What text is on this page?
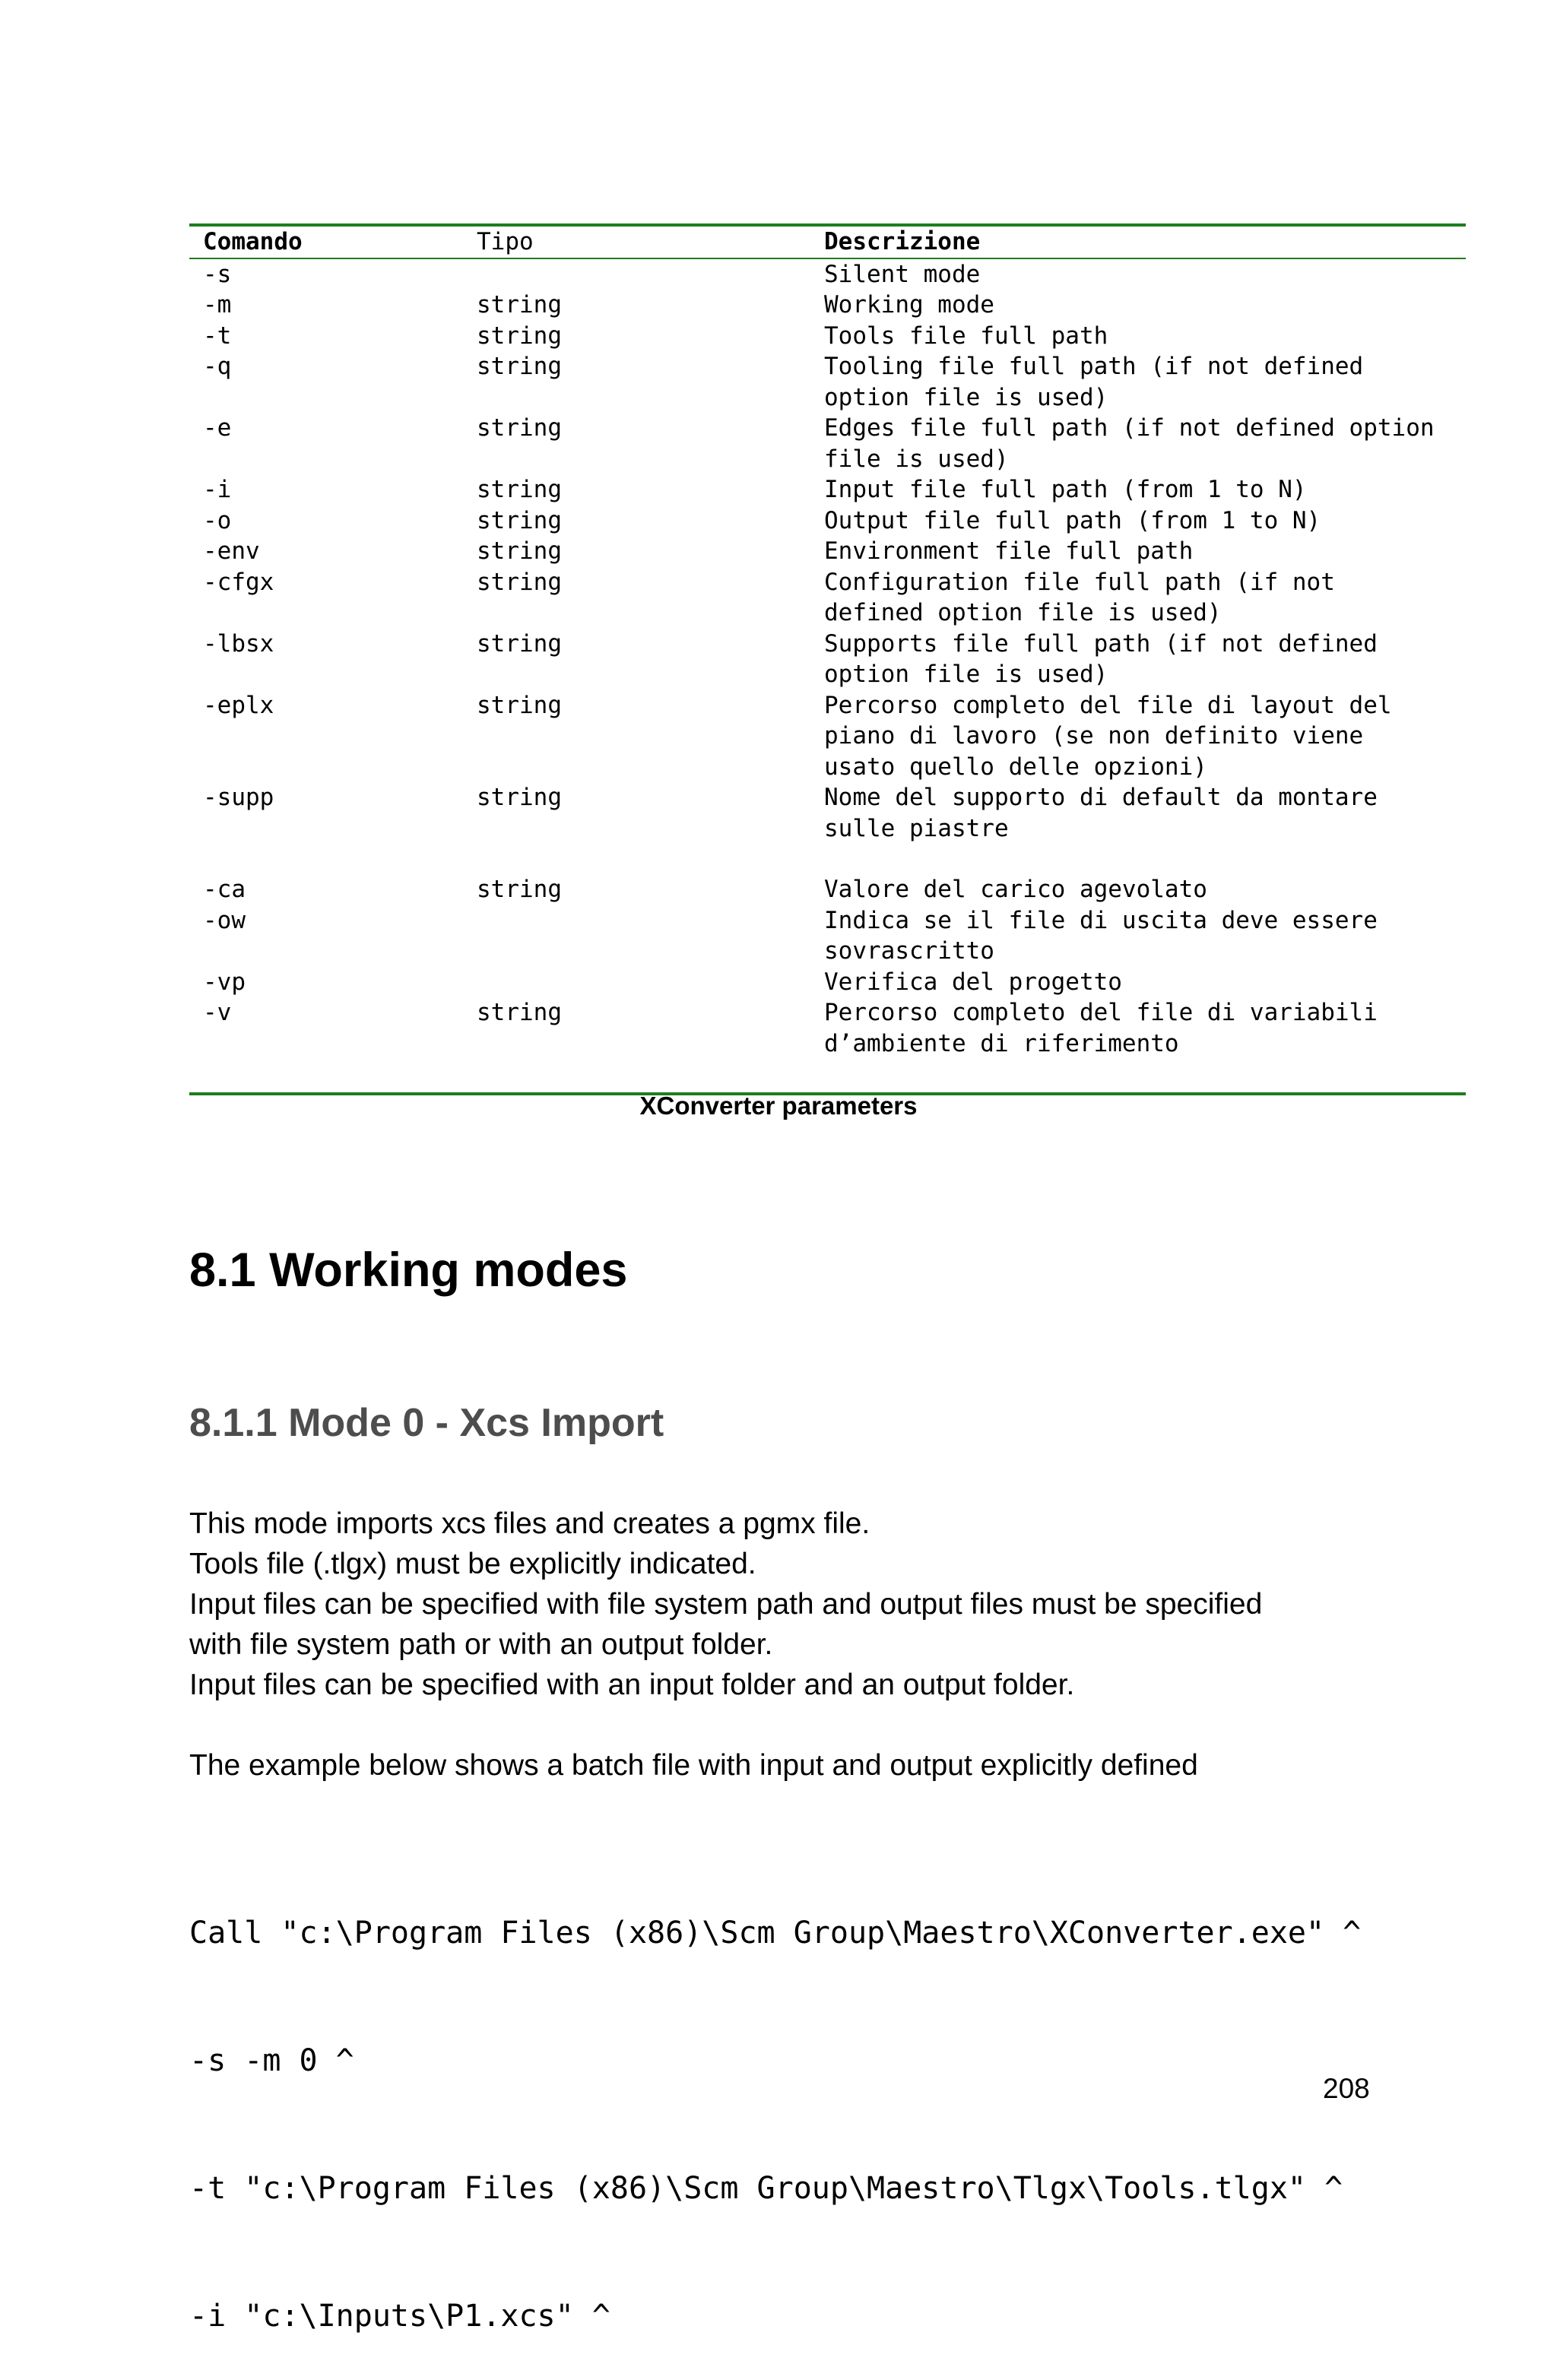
Comando	Tipo	Descrizione
-s		Silent mode
-m	string	Working mode
-t	string	Tools file full path
-q	string	Tooling file full path (if not defined
option file is used)

-e	string	Edges file full path (if not defined option
file is used)

-i	string	Input file full path (from 1 to N)
-o	string	Output file full path (from 1 to N)
-env	string	Environment file full path
-cfgx	string	Configuration file full path (if not
defined option file is used)

-lbsx	string	Supports file full path (if not defined
option file is used)

-eplx	string	Percorso completo del file di layout del
piano di lavoro (se non definito viene
usato quello delle opzioni)

-supp	string	Nome del supporto di default da montare
sulle piastre

-ca	string	Valore del carico agevolato
-ow		Indica se il file di uscita deve essere
sovrascritto

-vp		Verifica del progetto
-v	string	Percorso completo del file di variabili
d’ambiente di riferimento
XConverter parameters
8.1 Working modes
8.1.1 Mode 0 - Xcs Import

This mode imports xcs files and creates a pgmx file.

Tools file (.tlgx) must be explicitly indicated.

Input files can be specified with file system path and output files must be specified

with file system path or with an output folder.

Input files can be specified with an input folder and an output folder.

The example below shows a batch file with input and output explicitly defined

Call "c:\Program Files (x86)\Scm Group\Maestro\XConverter.exe" ^

-s -m 0 ^

-t "c:\Program Files (x86)\Scm Group\Maestro\Tlgx\Tools.tlgx" ^

-i "c:\Inputs\P1.xcs" ^

208
